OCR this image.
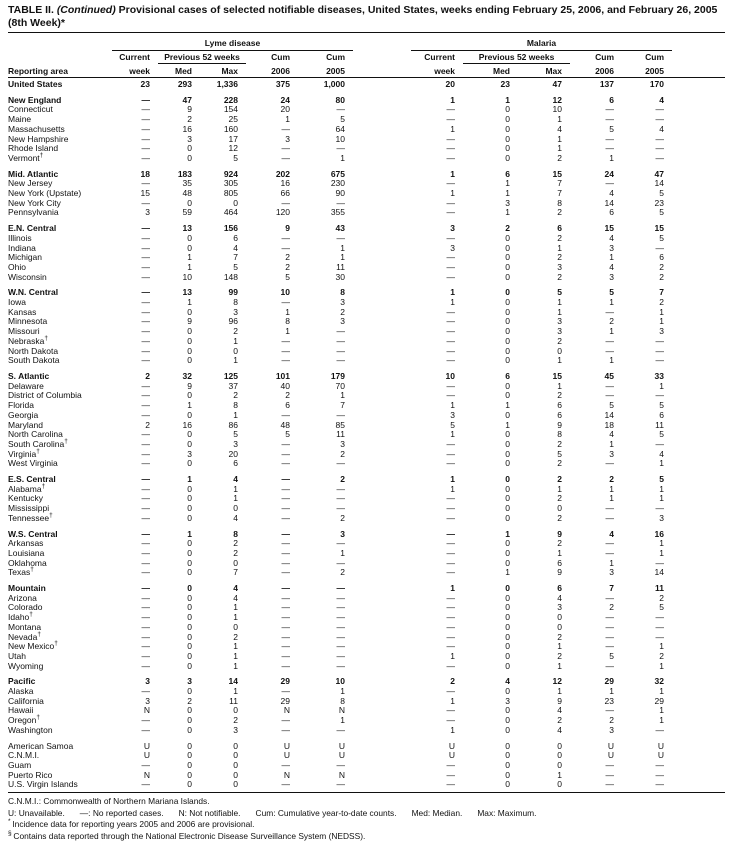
TABLE II. (Continued) Provisional cases of selected notifiable diseases, United States, weeks ending February 25, 2006, and February 26, 2005 (8th Week)*
Reporting area
Lyme disease	Malaria
Current	Previous 52 weeks	Cum	Cum	Current	Previous 52 weeks	Cum	Cum
week	Med	Max	2006	2005	week	Med	Max	2006	2005
United States	23	293	1,336	375	1,000	20	23	47	137	170
New England	—	47	228	24	80	1	1	12	6	4
Connecticut	—	9	154	20	—	—	0	10	—	—
Maine	—	2	25	1	5	—	0	1	—	—
Massachusetts	—	16	160	—	64	1	0	4	5	4
New Hampshire	—	3	17	3	10	—	0	1	—	—
Rhode Island	—	0	12	—	—	—	0	1	—	—
Vermont†	—	0	5	—	1	—	0	2	1	—
Mid. Atlantic	18	183	924	202	675	1	6	15	24	47
New Jersey	—	35	305	16	230	—	1	7	—	14
New York (Upstate)	15	48	805	66	90	1	1	7	4	5
New York City	—	0	0	—	—	—	3	8	14	23
Pennsylvania	3	59	464	120	355	—	1	2	6	5
E.N. Central	—	13	156	9	43	3	2	6	15	15
Illinois	—	0	6	—	—	—	0	2	4	5
Indiana	—	0	4	—	1	3	0	1	3	—
Michigan	—	1	7	2	1	—	0	2	1	6
Ohio	—	1	5	2	11	—	0	3	4	2
Wisconsin	—	10	148	5	30	—	0	2	3	2
W.N. Central	—	13	99	10	8	1	0	5	5	7
Iowa	—	1	8	—	3	1	0	1	1	2
Kansas	—	0	3	1	2	—	0	1	—	1
Minnesota	—	9	96	8	3	—	0	3	2	1
Missouri	—	0	2	1	—	—	0	3	1	3
Nebraska†	—	0	1	—	—	—	0	2	—	—
North Dakota	—	0	0	—	—	—	0	0	—	—
South Dakota	—	0	1	—	—	—	0	1	1	—
S. Atlantic	2	32	125	101	179	10	6	15	45	33
Delaware	—	9	37	40	70	—	0	1	—	1
District of Columbia	—	0	2	2	1	—	0	2	—	—
Florida	—	1	8	6	7	1	1	6	5	5
Georgia	—	0	1	—	—	3	0	6	14	6
Maryland	2	16	86	48	85	5	1	9	18	11
North Carolina	—	0	5	5	11	1	0	8	4	5
South Carolina†	—	0	3	—	3	—	0	2	1	—
Virginia†	—	3	20	—	2	—	0	5	3	4
West Virginia	—	0	6	—	—	—	0	2	—	1
E.S. Central	—	1	4	—	2	1	0	2	2	5
Alabama†	—	0	1	—	—	1	0	1	1	1
Kentucky	—	0	1	—	—	—	0	2	1	1
Mississippi	—	0	0	—	—	—	0	0	—	—
Tennessee†	—	0	4	—	2	—	0	2	—	3
W.S. Central	—	1	8	—	3	—	1	9	4	16
Arkansas	—	0	2	—	—	—	0	2	—	1
Louisiana	—	0	2	—	1	—	0	1	—	1
Oklahoma	—	0	0	—	—	—	0	6	1	—
Texas†	—	0	7	—	2	—	1	9	3	14
Mountain	—	0	4	—	—	1	0	6	7	11
Arizona	—	0	4	—	—	—	0	4	—	2
Colorado	—	0	1	—	—	—	0	3	2	5
Idaho†	—	0	1	—	—	—	0	0	—	—
Montana	—	0	0	—	—	—	0	0	—	—
Nevada†	—	0	2	—	—	—	0	2	—	—
New Mexico†	—	0	1	—	—	—	0	1	—	1
Utah	—	0	1	—	—	1	0	2	5	2
Wyoming	—	0	1	—	—	—	0	1	—	1
Pacific	3	3	14	29	10	2	4	12	29	32
Alaska	—	0	1	—	1	—	0	1	1	1
California	3	2	11	29	8	1	3	9	23	29
Hawaii	N	0	0	N	N	—	0	4	—	1
Oregon†	—	0	2	—	1	—	0	2	2	1
Washington	—	0	3	—	—	1	0	4	3	—
American Samoa	U	0	0	U	U	U	0	0	U	U
C.N.M.I.	U	0	0	U	U	U	0	0	U	U
Guam	—	0	0	—	—	—	0	0	—	—
Puerto Rico	N	0	0	N	N	—	0	1	—	—
U.S. Virgin Islands	—	0	0	—	—	—	0	0	—	—
C.N.M.I.: Commonwealth of Northern Mariana Islands.
U: Unavailable. —: No reported cases. N: Not notifiable. Cum: Cumulative year-to-date counts. Med: Median. Max: Maximum.
* Incidence data for reporting years 2005 and 2006 are provisional.
§ Contains data reported through the National Electronic Disease Surveillance System (NEDSS).
